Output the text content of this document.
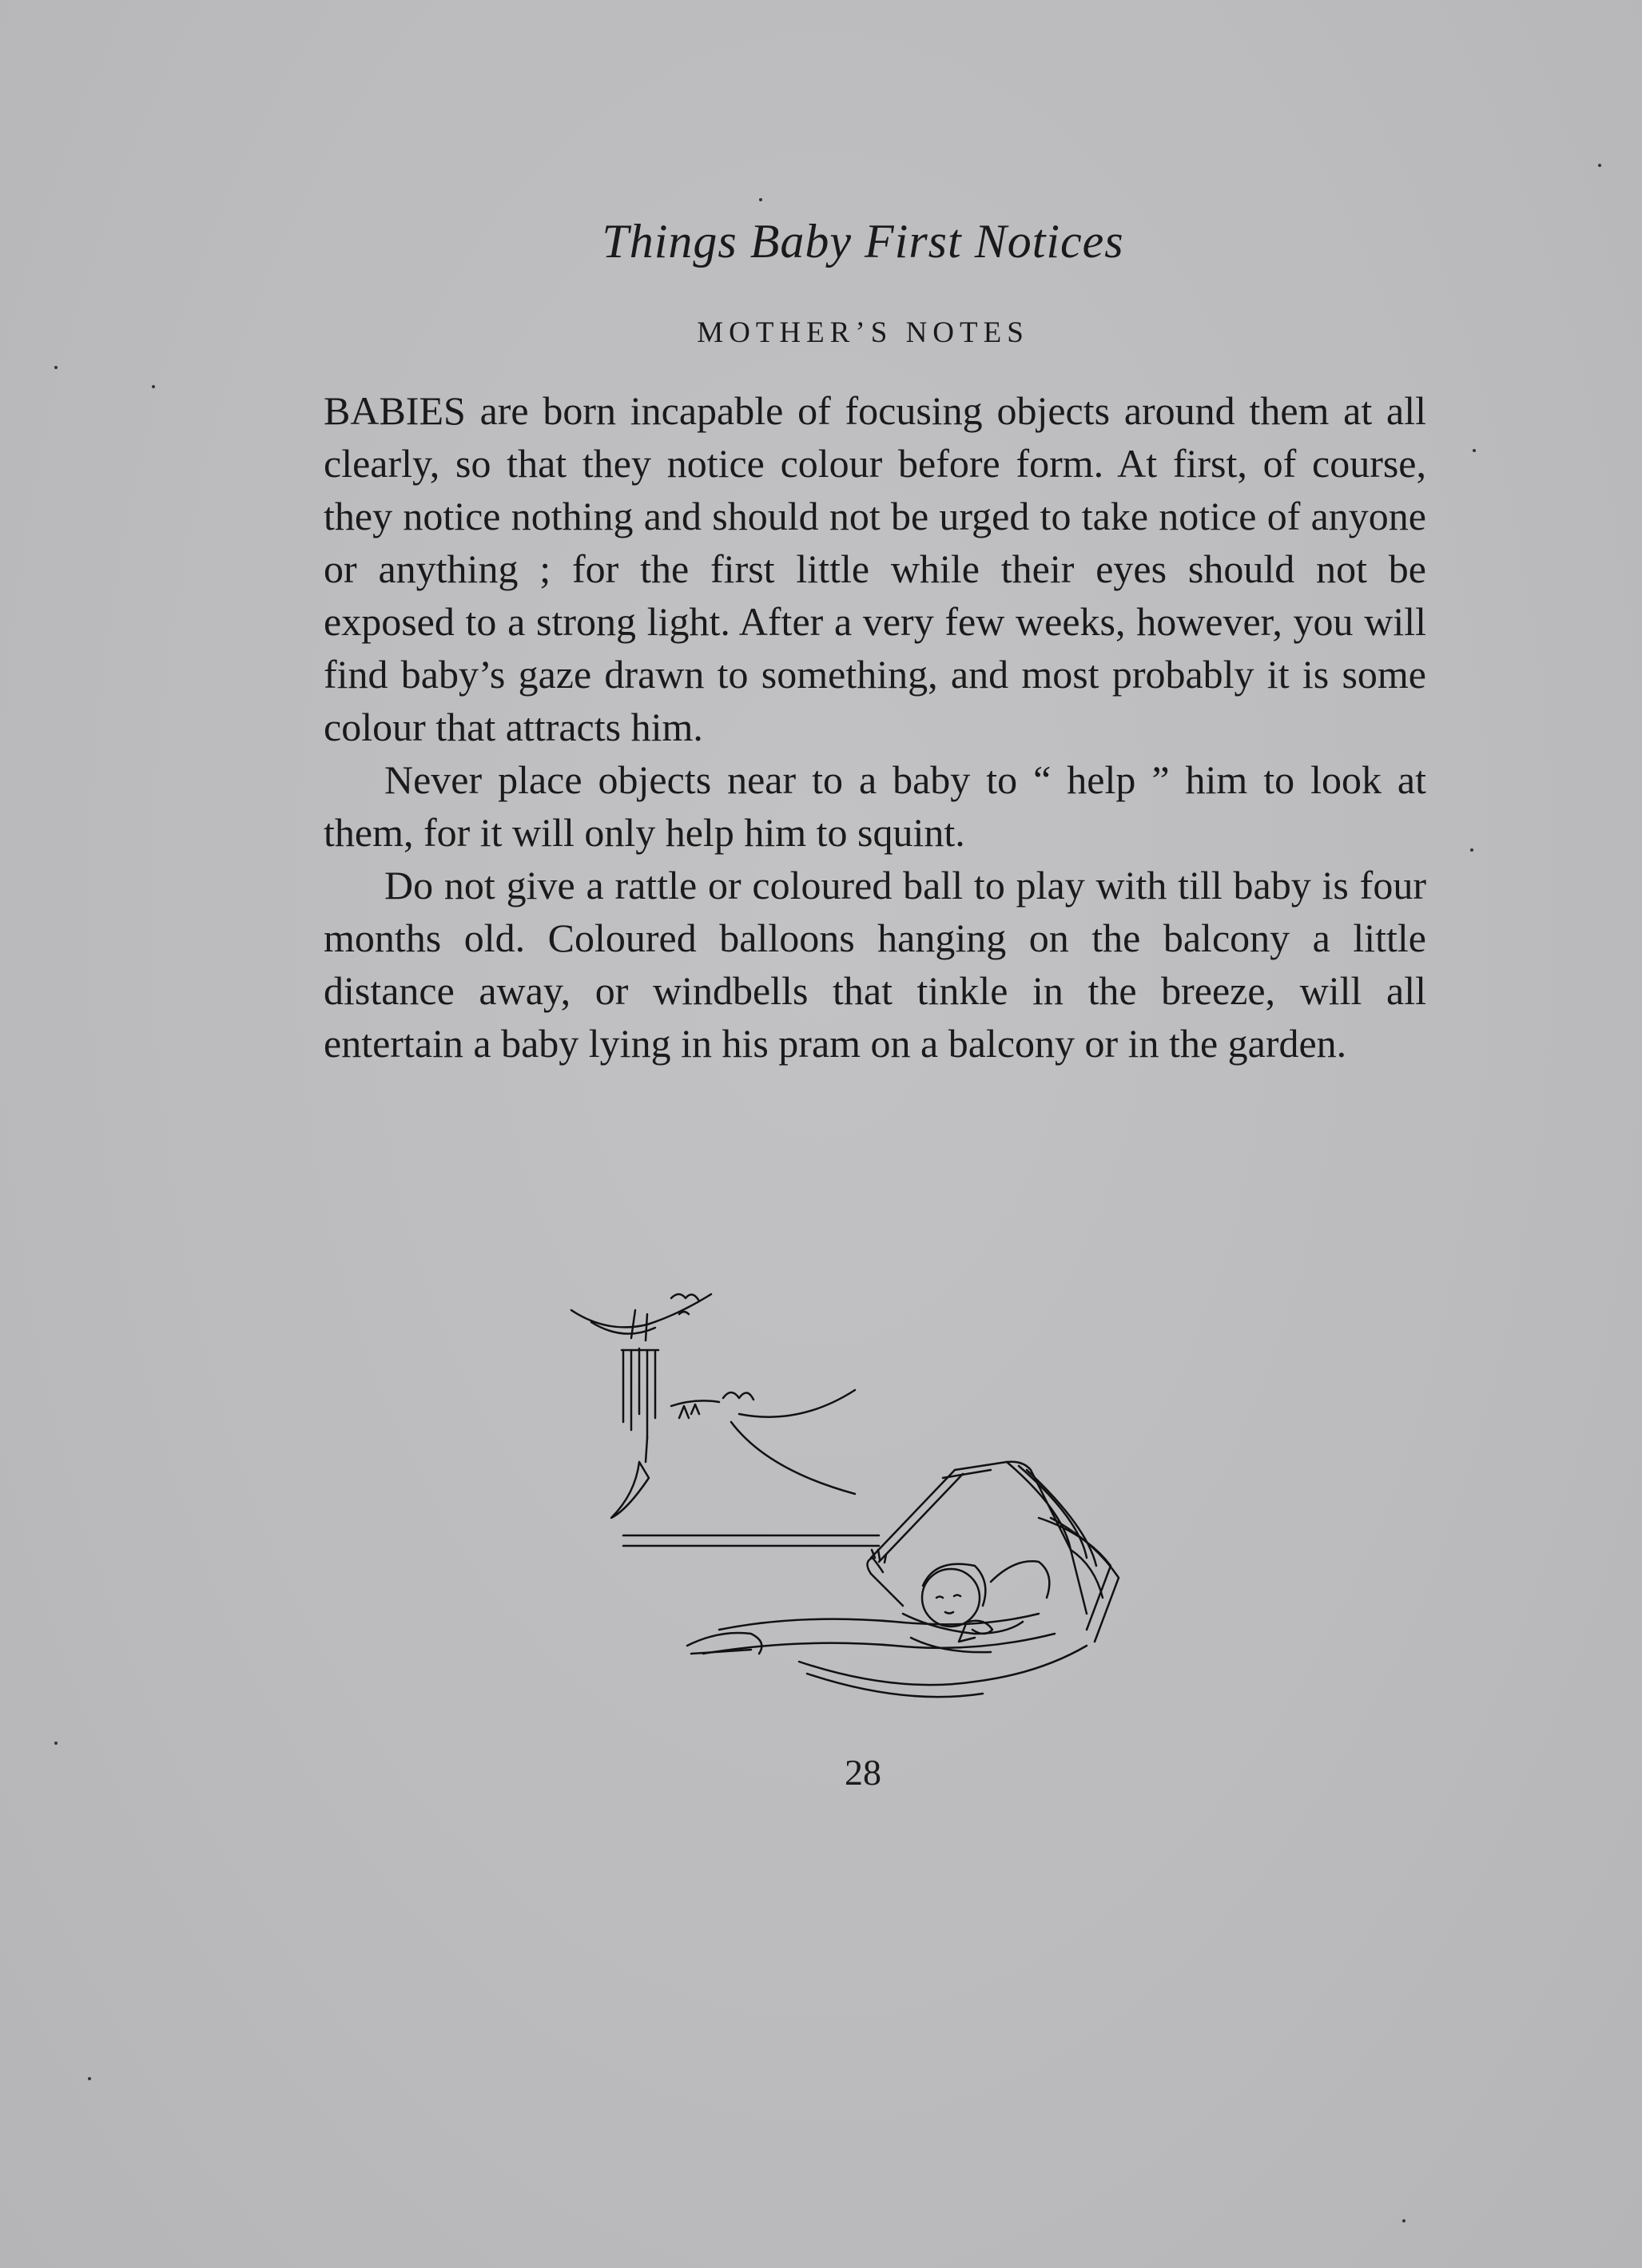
Things Baby First Notices
MOTHER’S NOTES

BABIES are born incapable of focusing objects around them at all clearly, so that they notice colour before form. At first, of course, they notice nothing and should not be urged to take notice of anyone or anything ; for the first little while their eyes should not be exposed to a strong light. After a very few weeks, however, you will find baby’s gaze drawn to something, and most probably it is some colour that attracts him.

Never place objects near to a baby to “ help ” him to look at them, for it will only help him to squint.

Do not give a rattle or coloured ball to play with till baby is four months old. Coloured balloons hanging on the balcony a little distance away, or windbells that tinkle in the breeze, will all entertain a baby lying in his pram on a balcony or in the garden.

28
